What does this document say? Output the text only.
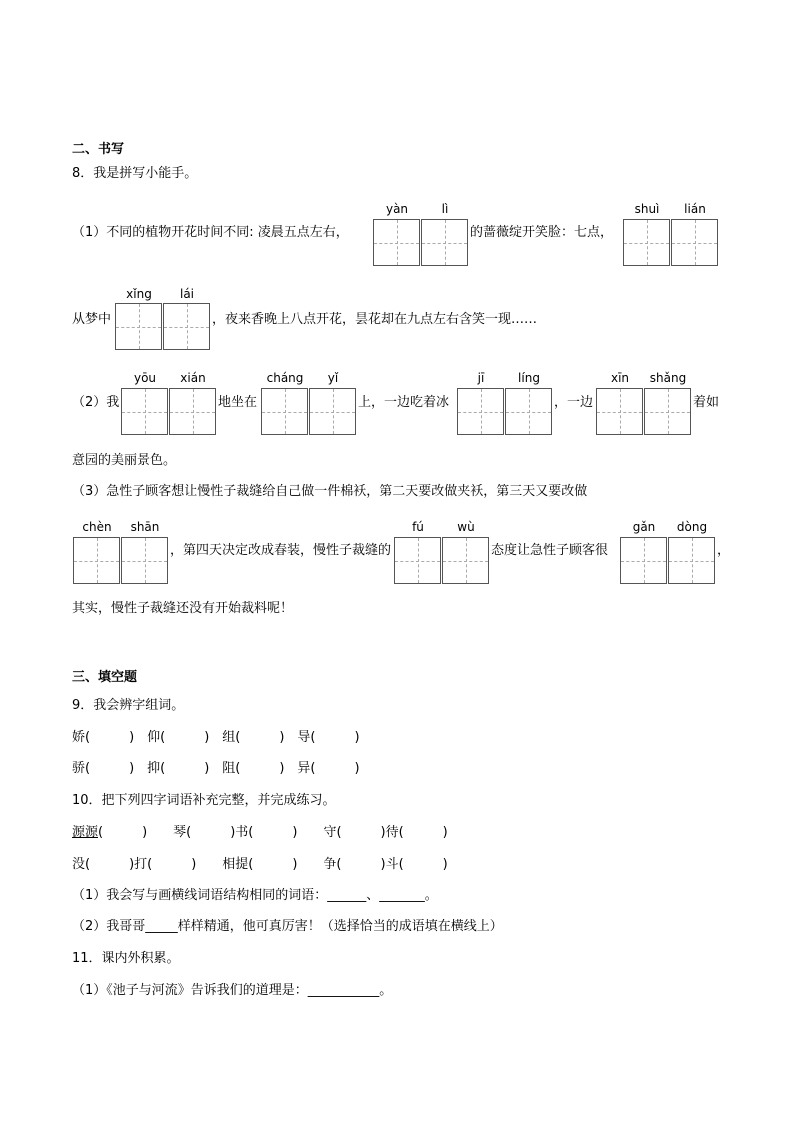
二、书写
8．我是拼写小能手。
yàn	lì	shuì	lián
（1）不同的植物开花时间不同: 凌晨五点左右，	的蔷薇绽开笑脸：七点，
xǐng	lái
从梦中	，夜来香晚上八点开花，昙花却在九点左右含笑一现……
yōu	xián	cháng	yǐ	jī	líng	xīn	shǎng
（2）我	地坐在	上，一边吃着冰	，一边	着如
意园的美丽景色。
（3）急性子顾客想让慢性子裁缝给自己做一件棉袄，第二天要改做夹袄，第三天又要改做
chèn	shān	fú	wù	gǎn	dòng
，第四天决定改成春装，慢性子裁缝的	态度让急性子顾客很	，
其实，慢性子裁缝还没有开始裁料呢！
三、填空题
9．我会辨字组词。
娇(　　　)　仰(　　　)　组(　　　)　导(　　　)
骄(　　　)　抑(　　　)　阻(　　　)　异(　　　)
10．把下列四字词语补充完整，并完成练习。
源源(　　　)　　琴(　　　)书(　　　)　　守(　　　)待(　　　)
没(　　　)打(　　　)　　相提(　　　)　　争(　　　)斗(　　　)
（1）我会写与画横线词语结构相同的词语：______、_______。
（2）我哥哥_____样样精通，他可真厉害！（选择恰当的成语填在横线上）
11．课内外积累。
（1）《池子与河流》告诉我们的道理是：___________。
